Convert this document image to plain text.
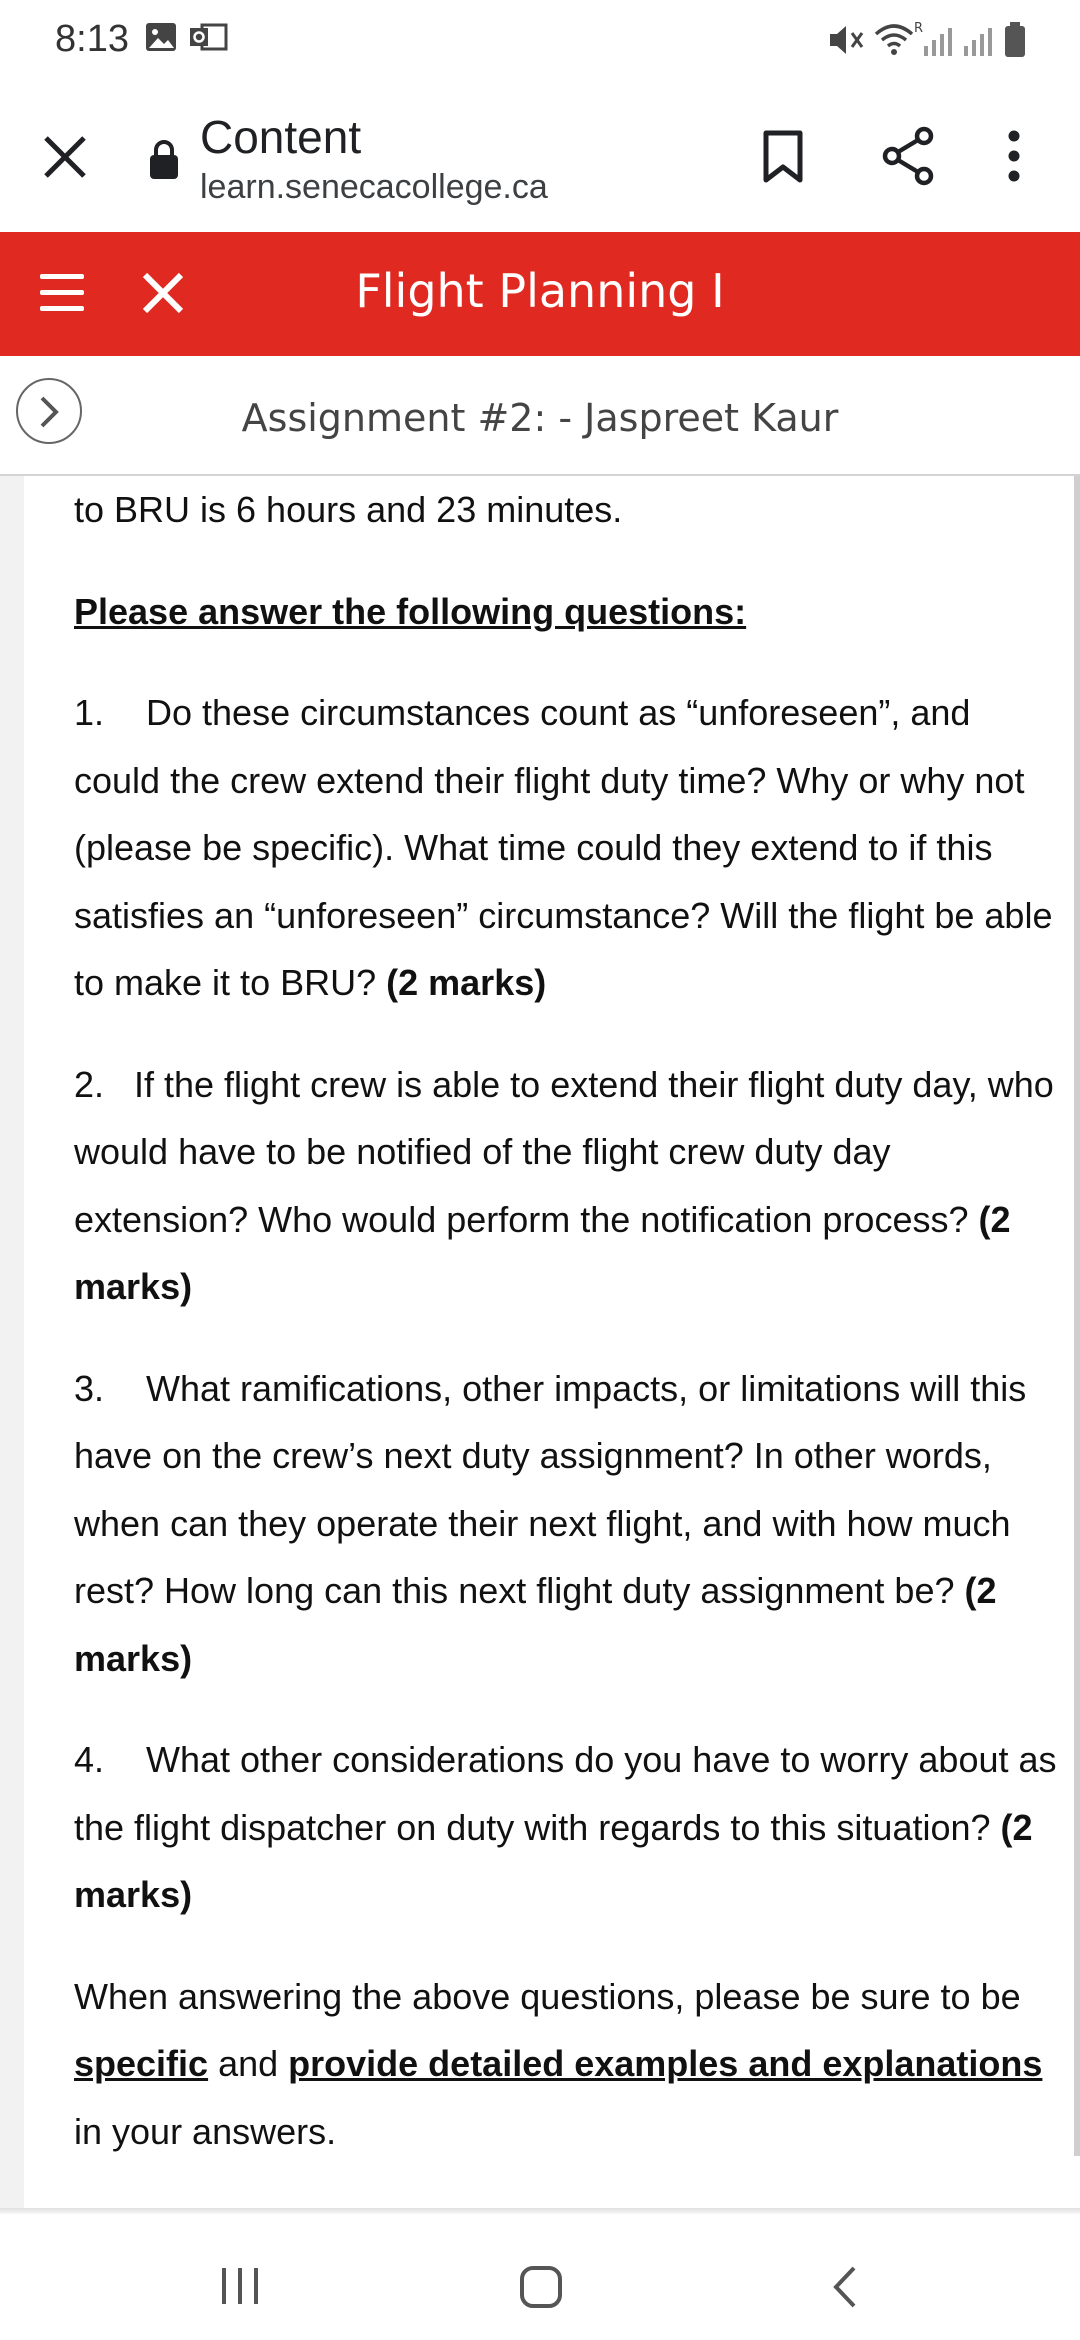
8:13	R
Content
learn.senecacollege.ca
Flight Planning I
Assignment #2: - Jaspreet Kaur

to BRU is 6 hours and 23 minutes.

Please answer the following questions:

1. Do these circumstances count as “unforeseen”, and could the crew extend their flight duty time? Why or why not (please be specific). What time could they extend to if this satisfies an “unforeseen” circumstance? Will the flight be able to make it to BRU? (2 marks)

2. If the flight crew is able to extend their flight duty day, who would have to be notified of the flight crew duty day extension? Who would perform the notification process? (2 marks)

3. What ramifications, other impacts, or limitations will this have on the crew’s next duty assignment? In other words, when can they operate their next flight, and with how much rest? How long can this next flight duty assignment be? (2 marks)

4. What other considerations do you have to worry about as the flight dispatcher on duty with regards to this situation? (2 marks)

When answering the above questions, please be sure to be specific and provide detailed examples and explanations in your answers.
